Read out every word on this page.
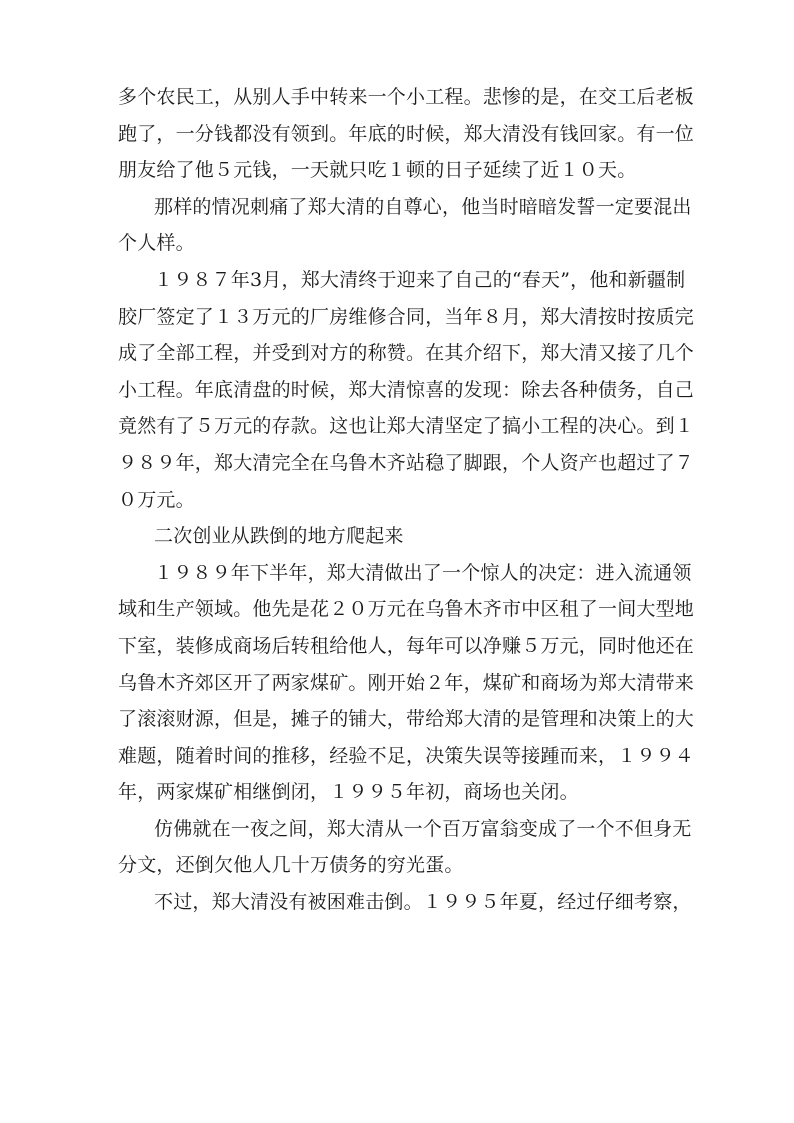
多个农民工，从别人手中转来一个小工程。悲惨的是，在交工后老板
跑了，一分钱都没有领到。年底的时候，郑大清没有钱回家。有一位
朋友给了他５元钱，一天就只吃１顿的日子延续了近１０天。
那样的情况刺痛了郑大清的自尊心，他当时暗暗发誓一定要混出
个人样。
１９８７年3月，郑大清终于迎来了自己的“春天”，他和新疆制
胶厂签定了１３万元的厂房维修合同，当年８月，郑大清按时按质完
成了全部工程，并受到对方的称赞。在其介绍下，郑大清又接了几个
小工程。年底清盘的时候，郑大清惊喜的发现：除去各种债务，自己
竟然有了５万元的存款。这也让郑大清坚定了搞小工程的决心。到１
９８９年，郑大清完全在乌鲁木齐站稳了脚跟，个人资产也超过了７
０万元。
二次创业从跌倒的地方爬起来
１９８９年下半年，郑大清做出了一个惊人的决定：进入流通领
域和生产领域。他先是花２０万元在乌鲁木齐市中区租了一间大型地
下室，装修成商场后转租给他人，每年可以净赚５万元，同时他还在
乌鲁木齐郊区开了两家煤矿。刚开始２年，煤矿和商场为郑大清带来
了滚滚财源，但是，摊子的铺大，带给郑大清的是管理和决策上的大
难题，随着时间的推移，经验不足，决策失误等接踵而来，１９９４
年，两家煤矿相继倒闭，１９９５年初，商场也关闭。
仿佛就在一夜之间，郑大清从一个百万富翁变成了一个不但身无
分文，还倒欠他人几十万债务的穷光蛋。
不过，郑大清没有被困难击倒。１９９５年夏，经过仔细考察，
